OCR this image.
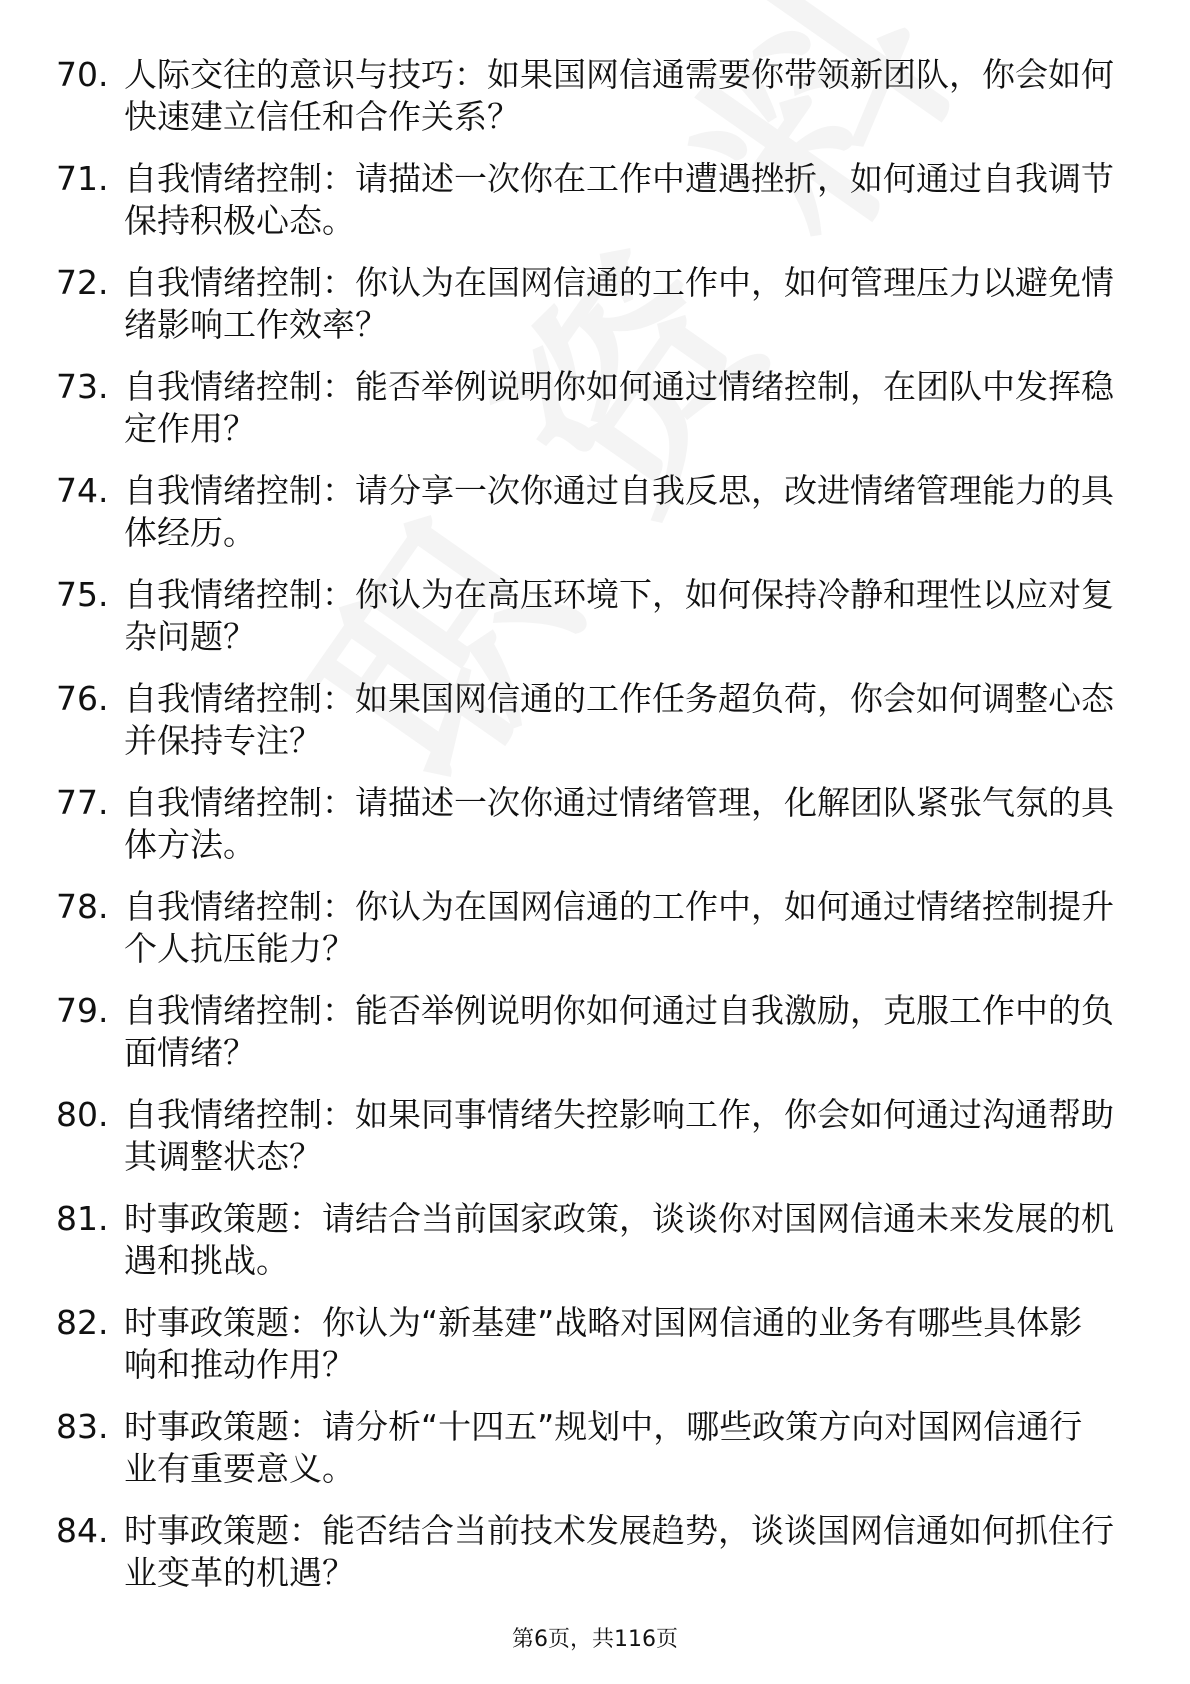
70. 人际交往的意识与技巧：如果国网信通需要你带领新团队，你会如何快速建立信任和合作关系？
71. 自我情绪控制：请描述一次你在工作中遭遇挫折，如何通过自我调节保持积极心态。
72. 自我情绪控制：你认为在国网信通的工作中，如何管理压力以避免情绪影响工作效率？
73. 自我情绪控制：能否举例说明你如何通过情绪控制，在团队中发挥稳定作用？
74. 自我情绪控制：请分享一次你通过自我反思，改进情绪管理能力的具体经历。
75. 自我情绪控制：你认为在高压环境下，如何保持冷静和理性以应对复杂问题？
76. 自我情绪控制：如果国网信通的工作任务超负荷，你会如何调整心态并保持专注？
77. 自我情绪控制：请描述一次你通过情绪管理，化解团队紧张气氛的具体方法。
78. 自我情绪控制：你认为在国网信通的工作中，如何通过情绪控制提升个人抗压能力？
79. 自我情绪控制：能否举例说明你如何通过自我激励，克服工作中的负面情绪？
80. 自我情绪控制：如果同事情绪失控影响工作，你会如何通过沟通帮助其调整状态？
81. 时事政策题：请结合当前国家政策，谈谈你对国网信通未来发展的机遇和挑战。
82. 时事政策题：你认为“新基建”战略对国网信通的业务有哪些具体影响和推动作用？
83. 时事政策题：请分析“十四五”规划中，哪些政策方向对国网信通行业有重要意义。
84. 时事政策题：能否结合当前技术发展趋势，谈谈国网信通如何抓住行业变革的机遇？
第6页，共116页
